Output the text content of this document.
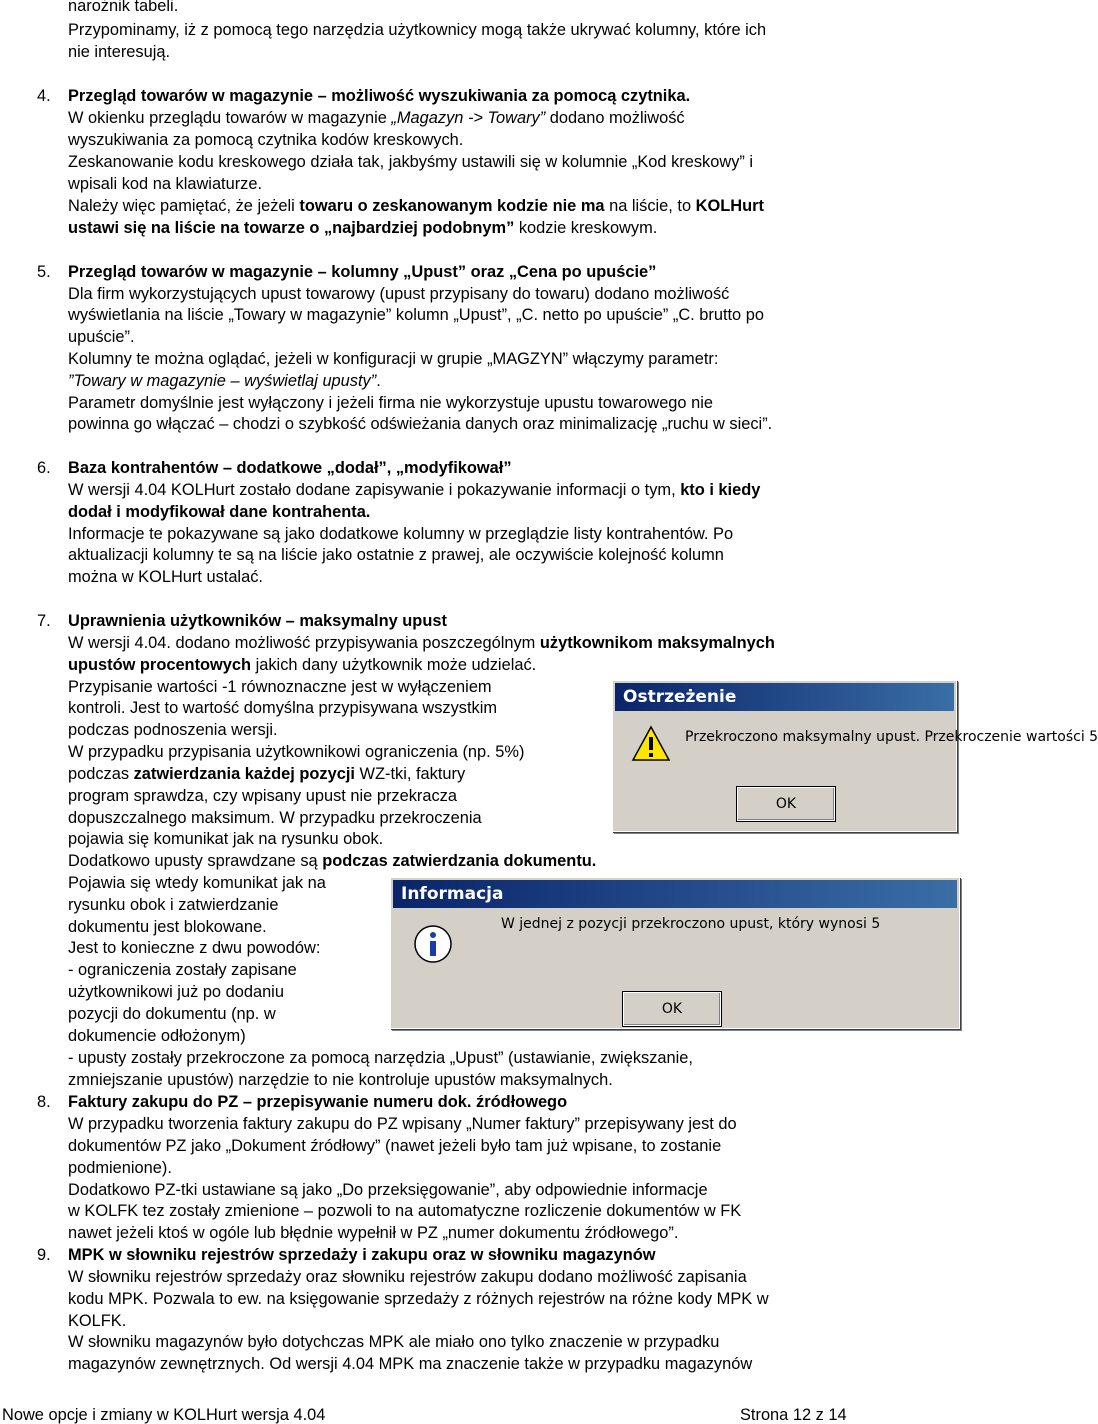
narożnik tabeli.
Przypominamy, iż z pomocą tego narzędzia użytkownicy mogą także ukrywać kolumny, które ich
nie interesują.
4. Przegląd towarów w magazynie – możliwość wyszukiwania za pomocą czytnika.
W okienku przeglądu towarów w magazynie „Magazyn -> Towary” dodano możliwość
wyszukiwania za pomocą czytnika kodów kreskowych.
Zeskanowanie kodu kreskowego działa tak, jakbyśmy ustawili się w kolumnie „Kod kreskowy” i
wpisali kod na klawiaturze.
Należy więc pamiętać, że jeżeli towaru o zeskanowanym kodzie nie ma na liście, to KOLHurt
ustawi się na liście na towarze o „najbardziej podobnym” kodzie kreskowym.
5. Przegląd towarów w magazynie – kolumny „Upust” oraz „Cena po upuście”
Dla firm wykorzystujących upust towarowy (upust przypisany do towaru) dodano możliwość
wyświetlania na liście „Towary w magazynie” kolumn „Upust”, „C. netto po upuście” „C. brutto po
upuście”.
Kolumny te można oglądać, jeżeli w konfiguracji w grupie „MAGZYN” włączymy parametr:
”Towary w magazynie – wyświetlaj upusty”.
Parametr domyślnie jest wyłączony i jeżeli firma nie wykorzystuje upustu towarowego nie
powinna go włączać – chodzi o szybkość odświeżania danych oraz minimalizację „ruchu w sieci”.
6. Baza kontrahentów – dodatkowe „dodał”, „modyfikował”
W wersji 4.04 KOLHurt zostało dodane zapisywanie i pokazywanie informacji o tym, kto i kiedy
dodał i modyfikował dane kontrahenta.
Informacje te pokazywane są jako dodatkowe kolumny w przeglądzie listy kontrahentów. Po
aktualizacji kolumny te są na liście jako ostatnie z prawej, ale oczywiście kolejność kolumn
można w KOLHurt ustalać.
7. Uprawnienia użytkowników – maksymalny upust
W wersji 4.04. dodano możliwość przypisywania poszczególnym użytkownikom maksymalnych
upustów procentowych jakich dany użytkownik może udzielać.
Przypisanie wartości -1 równoznaczne jest w wyłączeniem
kontroli. Jest to wartość domyślna przypisywana wszystkim
podczas podnoszenia wersji.
W przypadku przypisania użytkownikowi ograniczenia (np. 5%)
podczas zatwierdzania każdej pozycji WZ-tki, faktury
program sprawdza, czy wpisany upust nie przekracza
dopuszczalnego maksimum. W przypadku przekroczenia
pojawia się komunikat jak na rysunku obok.
Dodatkowo upusty sprawdzane są podczas zatwierdzania dokumentu.
Pojawia się wtedy komunikat jak na
rysunku obok i zatwierdzanie
dokumentu jest blokowane.
Jest to konieczne z dwu powodów:
- ograniczenia zostały zapisane
użytkownikowi już po dodaniu
pozycji do dokumentu (np. w
dokumencie odłożonym)
- upusty zostały przekroczone za pomocą narzędzia „Upust” (ustawianie, zwiększanie,
zmniejszanie upustów) narzędzie to nie kontroluje upustów maksymalnych.
Ostrzeżenie
Przekroczono maksymalny upust. Przekroczenie wartości 5
OK
Informacja
W jednej z pozycji przekroczono upust, który wynosi 5
OK
8. Faktury zakupu do PZ – przepisywanie numeru dok. źródłowego
W przypadku tworzenia faktury zakupu do PZ wpisany „Numer faktury” przepisywany jest do
dokumentów PZ jako „Dokument źródłowy” (nawet jeżeli było tam już wpisane, to zostanie
podmienione).
Dodatkowo PZ-tki ustawiane są jako „Do przeksięgowanie”, aby odpowiednie informacje
w KOLFK tez zostały zmienione – pozwoli to na automatyczne rozliczenie dokumentów w FK
nawet jeżeli ktoś w ogóle lub błędnie wypełnił w PZ „numer dokumentu źródłowego”.
9. MPK w słowniku rejestrów sprzedaży i zakupu oraz w słowniku magazynów
W słowniku rejestrów sprzedaży oraz słowniku rejestrów zakupu dodano możliwość zapisania
kodu MPK. Pozwala to ew. na księgowanie sprzedaży z różnych rejestrów na różne kody MPK w
KOLFK.
W słowniku magazynów było dotychczas MPK ale miało ono tylko znaczenie w przypadku
magazynów zewnętrznych. Od wersji 4.04 MPK ma znaczenie także w przypadku magazynów
Nowe opcje i zmiany w KOLHurt wersja 4.04	Strona 12 z 14
